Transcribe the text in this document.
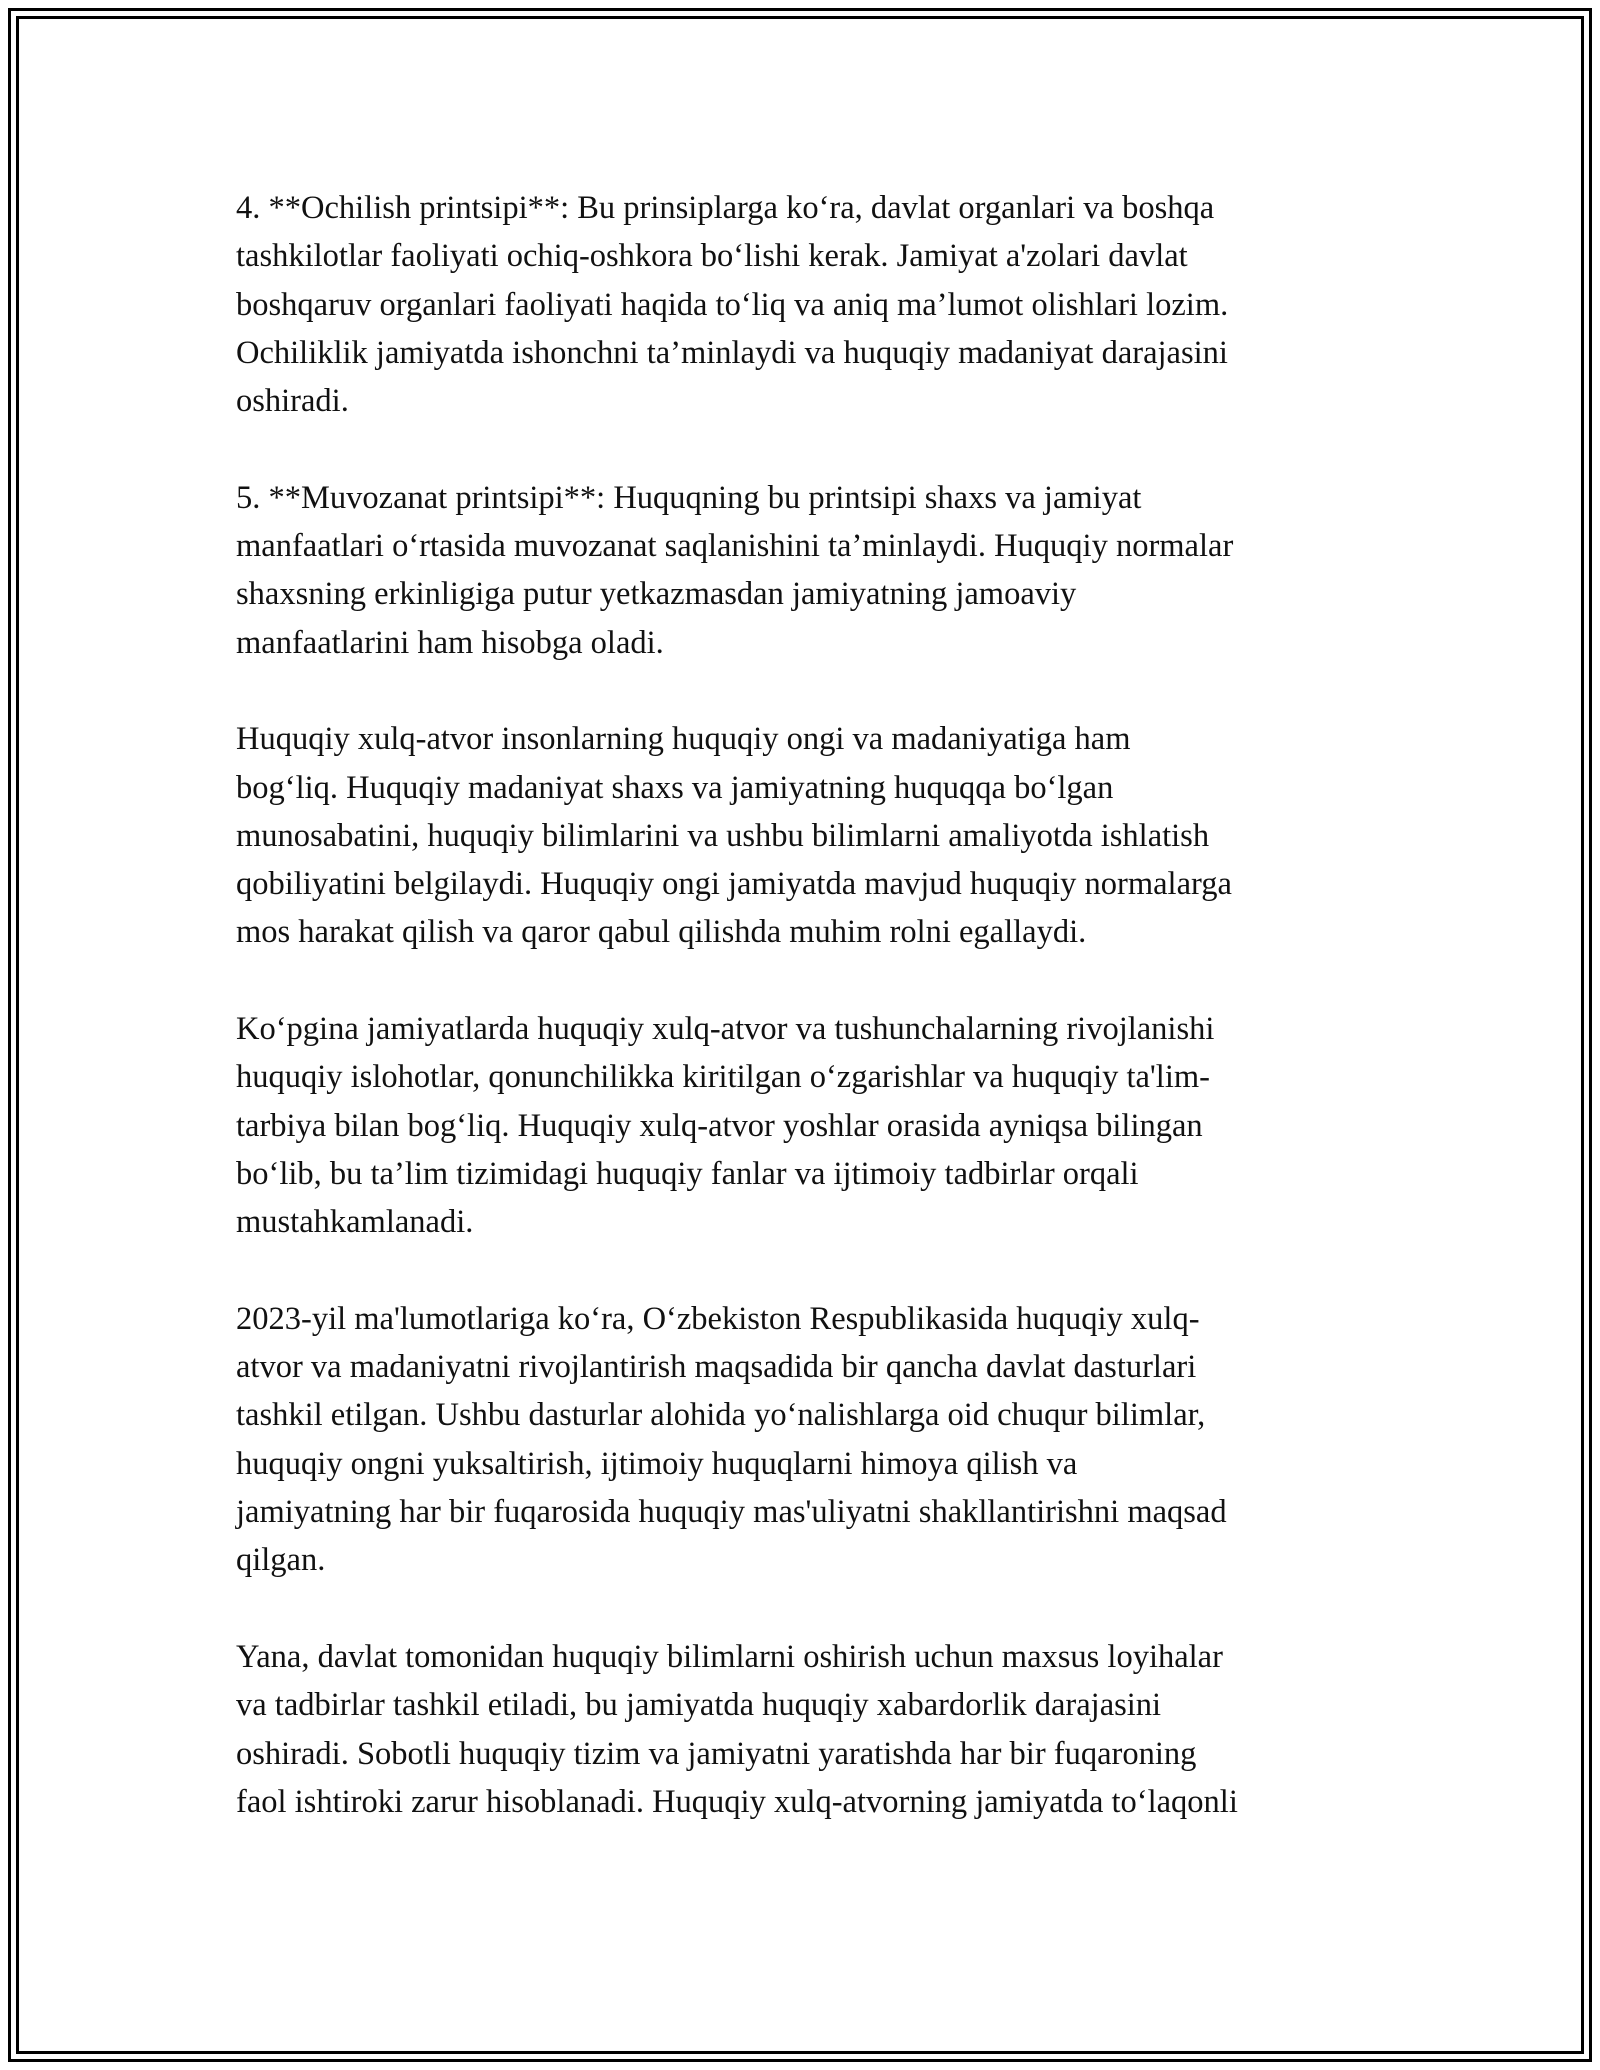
4. **Ochilish printsipi**: Bu prinsiplarga ko‘ra, davlat organlari va boshqa
tashkilotlar faoliyati ochiq-oshkora bo‘lishi kerak. Jamiyat a'zolari davlat
boshqaruv organlari faoliyati haqida to‘liq va aniq ma’lumot olishlari lozim.
Ochiliklik jamiyatda ishonchni ta’minlaydi va huquqiy madaniyat darajasini
oshiradi.

5. **Muvozanat printsipi**: Huquqning bu printsipi shaxs va jamiyat
manfaatlari o‘rtasida muvozanat saqlanishini ta’minlaydi. Huquqiy normalar
shaxsning erkinligiga putur yetkazmasdan jamiyatning jamoaviy
manfaatlarini ham hisobga oladi.

Huquqiy xulq-atvor insonlarning huquqiy ongi va madaniyatiga ham
bog‘liq. Huquqiy madaniyat shaxs va jamiyatning huquqqa bo‘lgan
munosabatini, huquqiy bilimlarini va ushbu bilimlarni amaliyotda ishlatish
qobiliyatini belgilaydi. Huquqiy ongi jamiyatda mavjud huquqiy normalarga
mos harakat qilish va qaror qabul qilishda muhim rolni egallaydi.

Ko‘pgina jamiyatlarda huquqiy xulq-atvor va tushunchalarning rivojlanishi
huquqiy islohotlar, qonunchilikka kiritilgan o‘zgarishlar va huquqiy ta'lim-
tarbiya bilan bog‘liq. Huquqiy xulq-atvor yoshlar orasida ayniqsa bilingan
bo‘lib, bu ta’lim tizimidagi huquqiy fanlar va ijtimoiy tadbirlar orqali
mustahkamlanadi.

2023-yil ma'lumotlariga ko‘ra, O‘zbekiston Respublikasida huquqiy xulq-
atvor va madaniyatni rivojlantirish maqsadida bir qancha davlat dasturlari
tashkil etilgan. Ushbu dasturlar alohida yo‘nalishlarga oid chuqur bilimlar,
huquqiy ongni yuksaltirish, ijtimoiy huquqlarni himoya qilish va
jamiyatning har bir fuqarosida huquqiy mas'uliyatni shakllantirishni maqsad
qilgan.

Yana, davlat tomonidan huquqiy bilimlarni oshirish uchun maxsus loyihalar
va tadbirlar tashkil etiladi, bu jamiyatda huquqiy xabardorlik darajasini
oshiradi. Sobotli huquqiy tizim va jamiyatni yaratishda har bir fuqaroning
faol ishtiroki zarur hisoblanadi. Huquqiy xulq-atvorning jamiyatda to‘laqonli
